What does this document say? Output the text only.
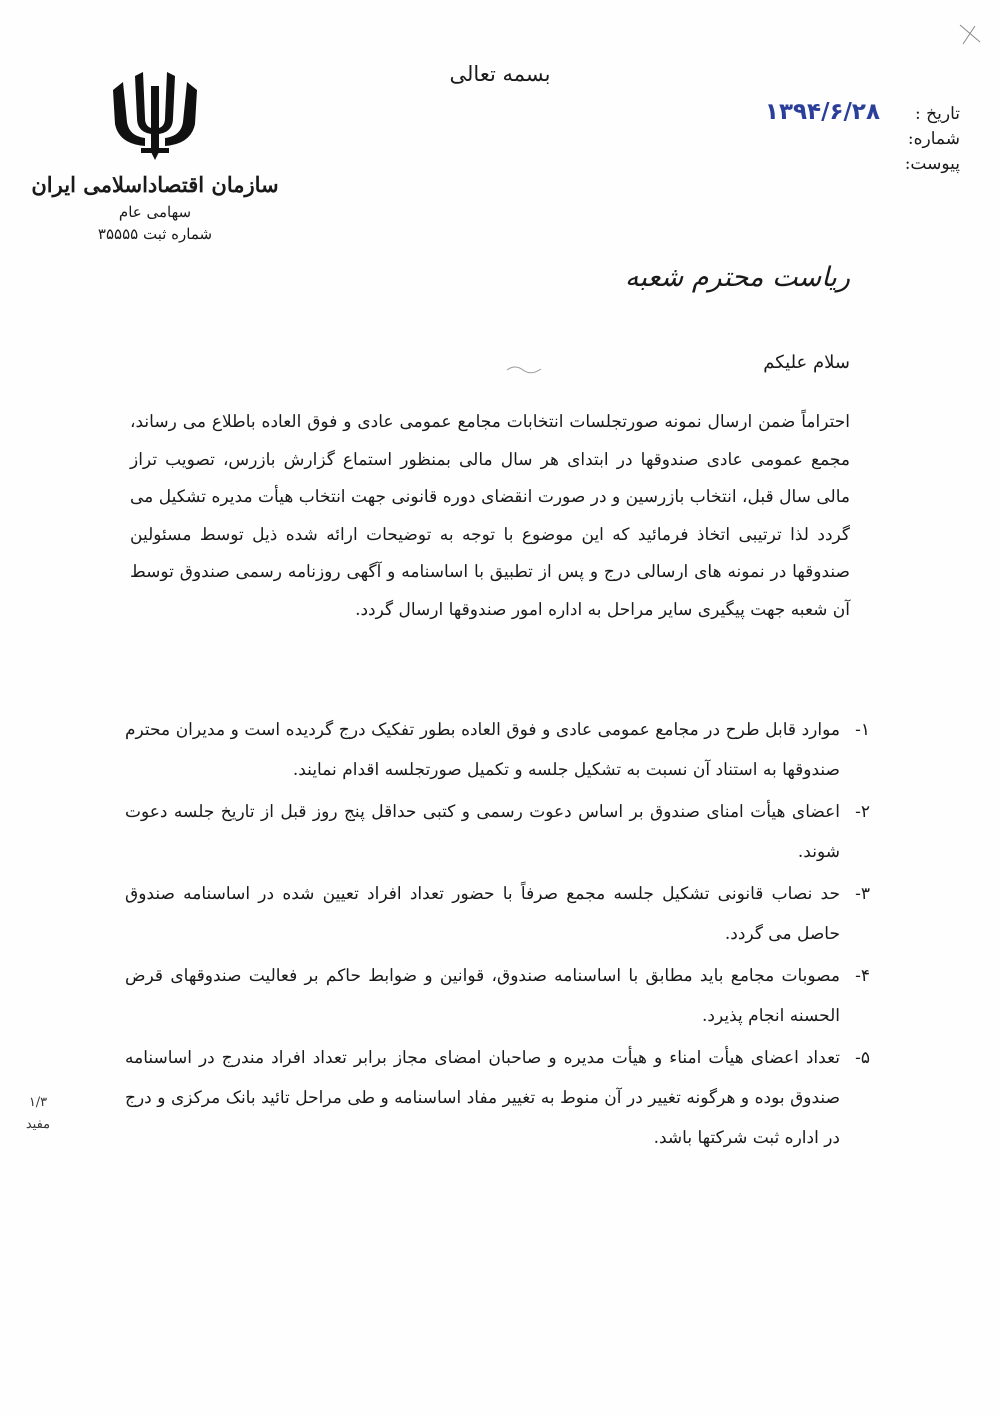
بسمه تعالی
تاریخ :
۱۳۹۴/۶/۲۸
شماره:
پیوست:
سازمان اقتصاداسلامی ایران
سهامی عام
شماره ثبت ۳۵۵۵۵
ریاست محترم شعبه
سلام علیکم
احتراماً ضمن ارسال نمونه صورتجلسات انتخابات مجامع عمومی عادی و فوق العاده باطلاع می رساند، مجمع عمومی عادی صندوقها در ابتدای هر سال مالی بمنظور استماع گزارش بازرس، تصویب تراز مالی سال قبل، انتخاب بازرسین و در صورت انقضای دوره قانونی جهت انتخاب هیأت مدیره تشکیل می گردد لذا ترتیبی اتخاذ فرمائید که این موضوع با توجه به توضیحات ارائه شده ذیل توسط مسئولین صندوقها در نمونه های ارسالی درج و پس از تطبیق با اساسنامه و آگهی روزنامه رسمی صندوق توسط آن شعبه جهت پیگیری سایر مراحل به اداره امور صندوقها ارسال گردد.
۱-
موارد قابل طرح در مجامع عمومی عادی و فوق العاده بطور تفکیک درج گردیده است و مدیران محترم صندوقها به استناد آن نسبت به تشکیل جلسه و تکمیل صورتجلسه اقدام نمایند.
۲-
اعضای هیأت امنای صندوق بر اساس دعوت رسمی و کتبی حداقل پنج روز قبل از تاریخ جلسه دعوت شوند.
۳-
حد نصاب قانونی تشکیل جلسه مجمع صرفاً با حضور تعداد افراد تعیین شده در اساسنامه صندوق حاصل می گردد.
۴-
مصوبات مجامع باید مطابق با اساسنامه صندوق، قوانین و ضوابط حاکم بر فعالیت صندوقهای قرض الحسنه انجام پذیرد.
۵-
تعداد اعضای هیأت امناء و هیأت مدیره و صاحبان امضای مجاز برابر تعداد افراد مندرج در اساسنامه صندوق بوده و هرگونه تغییر در آن منوط به تغییر مفاد اساسنامه و طی مراحل تائید بانک مرکزی و درج در اداره ثبت شرکتها باشد.
۱/۳ مفید
